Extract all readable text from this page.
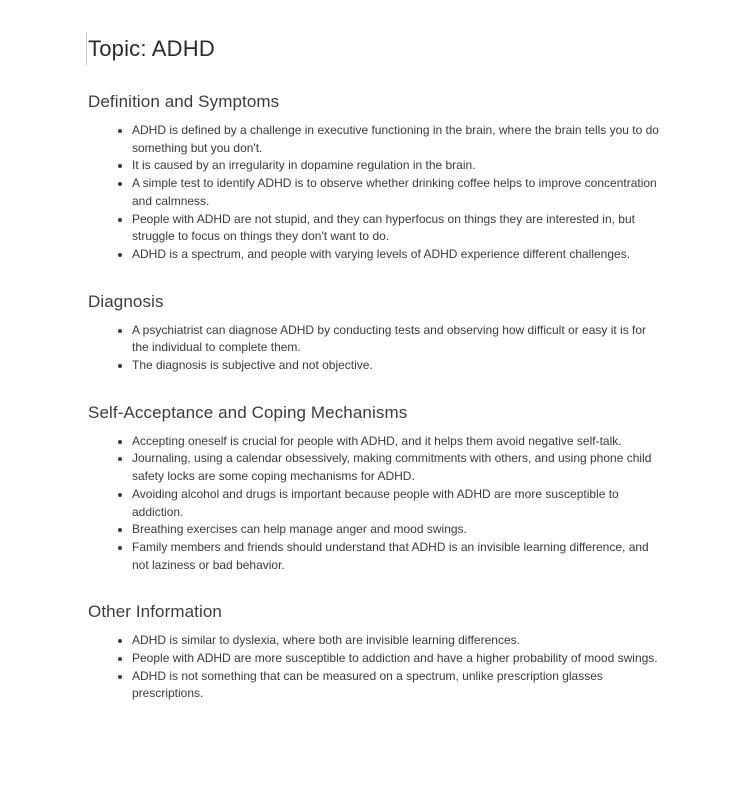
Topic: ADHD
Definition and Symptoms
• ADHD is defined by a challenge in executive functioning in the brain, where the brain tells you to do something but you don't.
• It is caused by an irregularity in dopamine regulation in the brain.
• A simple test to identify ADHD is to observe whether drinking coffee helps to improve concentration and calmness.
• People with ADHD are not stupid, and they can hyperfocus on things they are interested in, but struggle to focus on things they don't want to do.
• ADHD is a spectrum, and people with varying levels of ADHD experience different challenges.
Diagnosis
• A psychiatrist can diagnose ADHD by conducting tests and observing how difficult or easy it is for the individual to complete them.
• The diagnosis is subjective and not objective.
Self-Acceptance and Coping Mechanisms
• Accepting oneself is crucial for people with ADHD, and it helps them avoid negative self-talk.
• Journaling, using a calendar obsessively, making commitments with others, and using phone child safety locks are some coping mechanisms for ADHD.
• Avoiding alcohol and drugs is important because people with ADHD are more susceptible to addiction.
• Breathing exercises can help manage anger and mood swings.
• Family members and friends should understand that ADHD is an invisible learning difference, and not laziness or bad behavior.
Other Information
• ADHD is similar to dyslexia, where both are invisible learning differences.
• People with ADHD are more susceptible to addiction and have a higher probability of mood swings.
• ADHD is not something that can be measured on a spectrum, unlike prescription glasses prescriptions.
